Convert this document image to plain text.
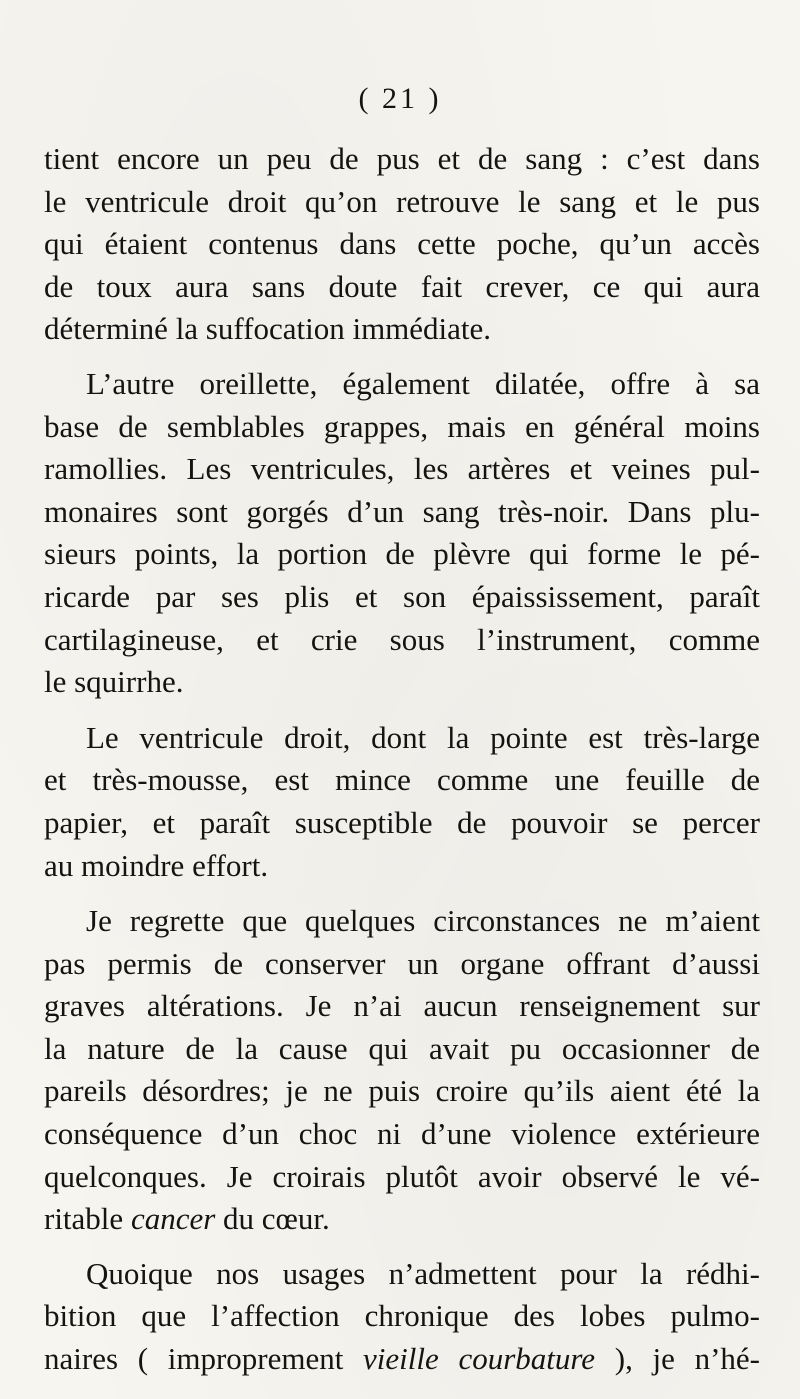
( 21 )
tient encore un peu de pus et de sang : c’est dans
le ventricule droit qu’on retrouve le sang et le pus
qui étaient contenus dans cette poche, qu’un accès
de toux aura sans doute fait crever, ce qui aura
déterminé la suffocation immédiate.
L’autre oreillette, également dilatée, offre à sa
base de semblables grappes, mais en général moins
ramollies. Les ventricules, les artères et veines pul-
monaires sont gorgés d’un sang très-noir. Dans plu-
sieurs points, la portion de plèvre qui forme le pé-
ricarde par ses plis et son épaississement, paraît
cartilagineuse, et crie sous l’instrument, comme
le squirrhe.
Le ventricule droit, dont la pointe est très-large
et très-mousse, est mince comme une feuille de
papier, et paraît susceptible de pouvoir se percer
au moindre effort.
Je regrette que quelques circonstances ne m’aient
pas permis de conserver un organe offrant d’aussi
graves altérations. Je n’ai aucun renseignement sur
la nature de la cause qui avait pu occasionner de
pareils désordres; je ne puis croire qu’ils aient été la
conséquence d’un choc ni d’une violence extérieure
quelconques. Je croirais plutôt avoir observé le vé-
ritable cancer du cœur.
Quoique nos usages n’admettent pour la rédhi-
bition que l’affection chronique des lobes pulmo-
naires ( improprement vieille courbature ), je n’hé-
